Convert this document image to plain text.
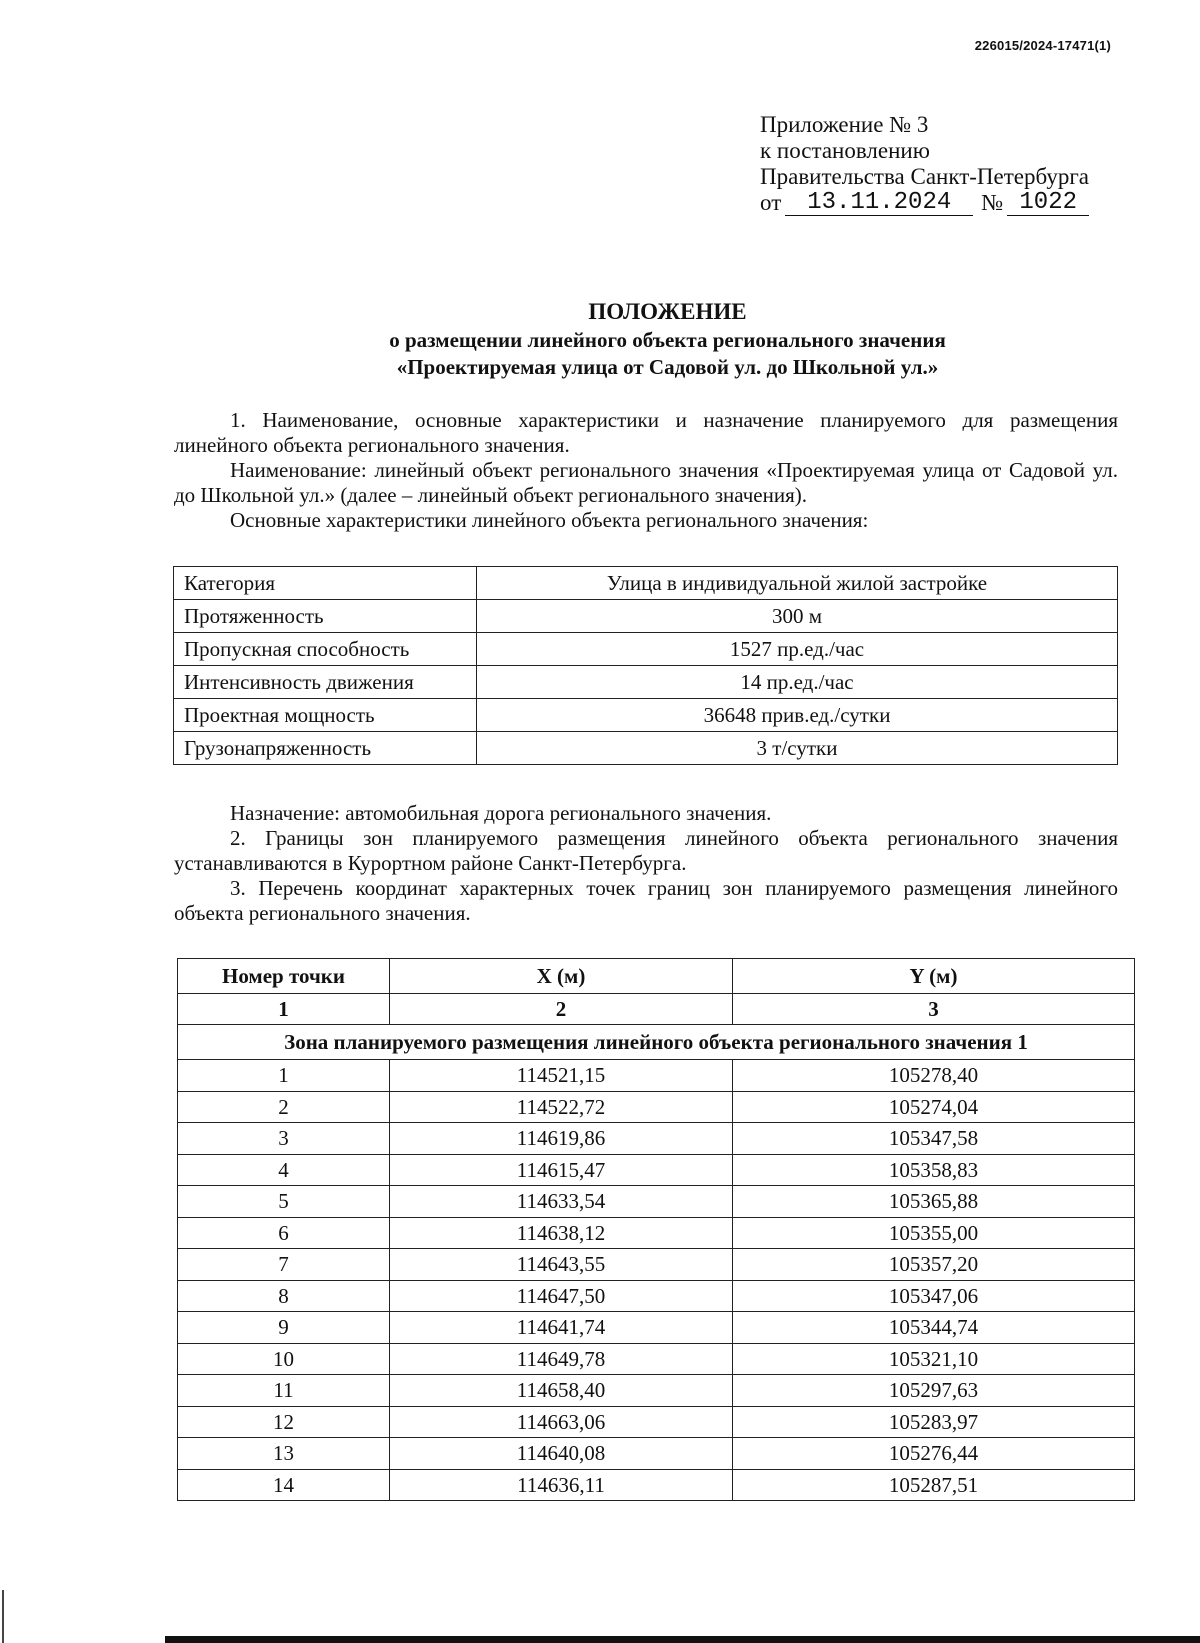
226015/2024-17471(1)
Приложение № 3
к постановлению
Правительства Санкт-Петербурга
от	13.11.2024	№ 1022
ПОЛОЖЕНИЕ
о размещении линейного объекта регионального значения
«Проектируемая улица от Садовой ул. до Школьной ул.»

1. Наименование, основные характеристики и назначение планируемого для размещения линейного объекта регионального значения.

Наименование: линейный объект регионального значения «Проектируемая улица от Садовой ул. до Школьной ул.» (далее – линейный объект регионального значения).

Основные характеристики линейного объекта регионального значения:

Категория	Улица в индивидуальной жилой застройке
Протяженность	300 м
Пропускная способность	1527 пр.ед./час
Интенсивность движения	14 пр.ед./час
Проектная мощность	36648 прив.ед./сутки
Грузонапряженность	3 т/сутки

Назначение: автомобильная дорога регионального значения.

2. Границы зон планируемого размещения линейного объекта регионального значения устанавливаются в Курортном районе Санкт-Петербурга.

3. Перечень координат характерных точек границ зон планируемого размещения линейного объекта регионального значения.

Номер точки	X (м)	Y (м)
1	2	3
Зона планируемого размещения линейного объекта регионального значения 1		
1	114521,15	105278,40
2	114522,72	105274,04
3	114619,86	105347,58
4	114615,47	105358,83
5	114633,54	105365,88
6	114638,12	105355,00
7	114643,55	105357,20
8	114647,50	105347,06
9	114641,74	105344,74
10	114649,78	105321,10
11	114658,40	105297,63
12	114663,06	105283,97
13	114640,08	105276,44
14	114636,11	105287,51
